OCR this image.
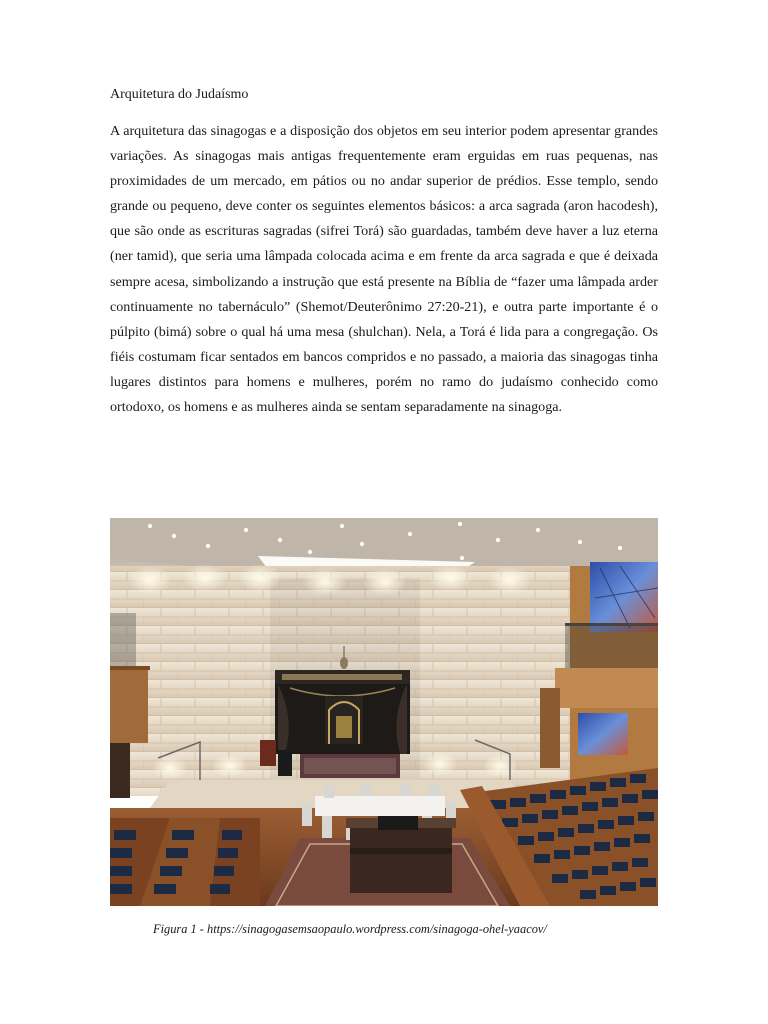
Arquitetura do Judaísmo

A arquitetura das sinagogas e a disposição dos objetos em seu interior podem apresentar grandes variações. As sinagogas mais antigas frequentemente eram erguidas em ruas pequenas, nas proximidades de um mercado, em pátios ou no andar superior de prédios. Esse templo, sendo grande ou pequeno, deve conter os seguintes elementos básicos: a arca sagrada (aron hacodesh), que são onde as escrituras sagradas (sifrei Torá) são guardadas, também deve haver a luz eterna (ner tamid), que seria uma lâmpada colocada acima e em frente da arca sagrada e que é deixada sempre acesa, simbolizando a instrução que está presente na Bíblia de “fazer uma lâmpada arder continuamente no tabernáculo” (Shemot/Deuterônimo 27:20-21), e outra parte importante é o púlpito (bimá) sobre o qual há uma mesa (shulchan). Nela, a Torá é lida para a congregação. Os fiéis costumam ficar sentados em bancos compridos e no passado, a maioria das sinagogas tinha lugares distintos para homens e mulheres, porém no ramo do judaísmo conhecido como ortodoxo, os homens e as mulheres ainda se sentam separadamente na sinagoga.

Figura 1 - https://sinagogasemsaopaulo.wordpress.com/sinagoga-ohel-yaacov/
